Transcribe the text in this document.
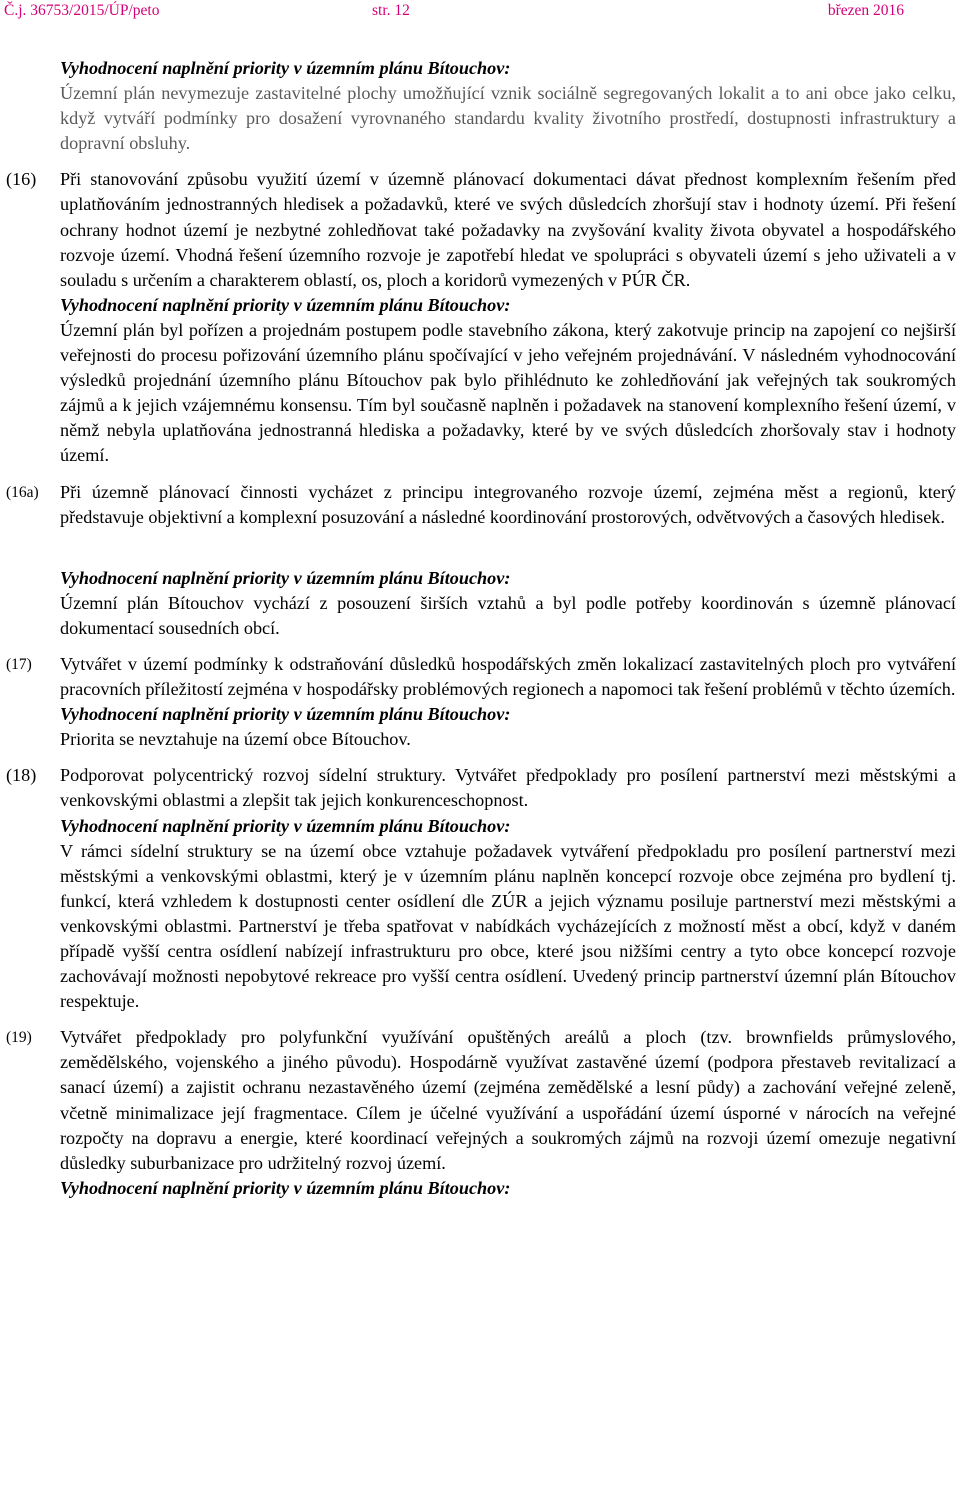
Č.j. 36753/2015/ÚP/peto	str. 12	březen 2016

Vyhodnocení naplnění priority v územním plánu Bítouchov:

Územní plán nevymezuje zastavitelné plochy umožňující vznik sociálně segregovaných lokalit a to ani obce jako celku, když vytváří podmínky pro dosažení vyrovnaného standardu kvality životního prostředí, dostupnosti infrastruktury a dopravní obsluhy.

(16) Při stanovování způsobu využití území v územně plánovací dokumentaci dávat přednost komplexním řešením před uplatňováním jednostranných hledisek a požadavků, které ve svých důsledcích zhoršují stav i hodnoty území. Při řešení ochrany hodnot území je nezbytné zohledňovat také požadavky na zvyšování kvality života obyvatel a hospodářského rozvoje území. Vhodná řešení územního rozvoje je zapotřebí hledat ve spolupráci s obyvateli území s jeho uživateli a v souladu s určením a charakterem oblastí, os, ploch a koridorů vymezených v PÚR ČR.

Vyhodnocení naplnění priority v územním plánu Bítouchov:

Územní plán byl pořízen a projednám postupem podle stavebního zákona, který zakotvuje princip na zapojení co nejširší veřejnosti do procesu pořizování územního plánu spočívající v jeho veřejném projednávání. V následném vyhodnocování výsledků projednání územního plánu Bítouchov pak bylo přihlédnuto ke zohledňování jak veřejných tak soukromých zájmů a k jejich vzájemnému konsensu. Tím byl současně naplněn i požadavek na stanovení komplexního řešení území, v němž nebyla uplatňována jednostranná hlediska a požadavky, které by ve svých důsledcích zhoršovaly stav i hodnoty území.

(16a) Při územně plánovací činnosti vycházet z principu integrovaného rozvoje území, zejména měst a regionů, který představuje objektivní a komplexní posuzování a následné koordinování prostorových, odvětvových a časových hledisek.

Vyhodnocení naplnění priority v územním plánu Bítouchov:

Územní plán Bítouchov vychází z posouzení širších vztahů a byl podle potřeby koordinován s územně plánovací dokumentací sousedních obcí.

(17) Vytvářet v území podmínky k odstraňování důsledků hospodářských změn lokalizací zastavitelných ploch pro vytváření pracovních příležitostí zejména v hospodářsky problémových regionech a napomoci tak řešení problémů v těchto územích.

Vyhodnocení naplnění priority v územním plánu Bítouchov:

Priorita se nevztahuje na území obce Bítouchov.

(18) Podporovat polycentrický rozvoj sídelní struktury. Vytvářet předpoklady pro posílení partnerství mezi městskými a venkovskými oblastmi a zlepšit tak jejich konkurenceschopnost.

Vyhodnocení naplnění priority v územním plánu Bítouchov:

V rámci sídelní struktury se na území obce vztahuje požadavek vytváření předpokladu pro posílení partnerství mezi městskými a venkovskými oblastmi, který je v územním plánu naplněn koncepcí rozvoje obce zejména pro bydlení tj. funkcí, která vzhledem k dostupnosti center osídlení dle ZÚR a jejich významu posiluje partnerství mezi městskými a venkovskými oblastmi. Partnerství je třeba spatřovat v nabídkách vycházejících z možností měst a obcí, když v daném případě vyšší centra osídlení nabízejí infrastrukturu pro obce, které jsou nižšími centry a tyto obce koncepcí rozvoje zachovávají možnosti nepobytové rekreace pro vyšší centra osídlení. Uvedený princip partnerství územní plán Bítouchov respektuje.

(19) Vytvářet předpoklady pro polyfunkční využívání opuštěných areálů a ploch (tzv. brownfields průmyslového, zemědělského, vojenského a jiného původu). Hospodárně využívat zastavěné území (podpora přestaveb revitalizací a sanací území) a zajistit ochranu nezastavěného území (zejména zemědělské a lesní půdy) a zachování veřejné zeleně, včetně minimalizace její fragmentace. Cílem je účelné využívání a uspořádání území úsporné v nárocích na veřejné rozpočty na dopravu a energie, které koordinací veřejných a soukromých zájmů na rozvoji území omezuje negativní důsledky suburbanizace pro udržitelný rozvoj území.

Vyhodnocení naplnění priority v územním plánu Bítouchov:
